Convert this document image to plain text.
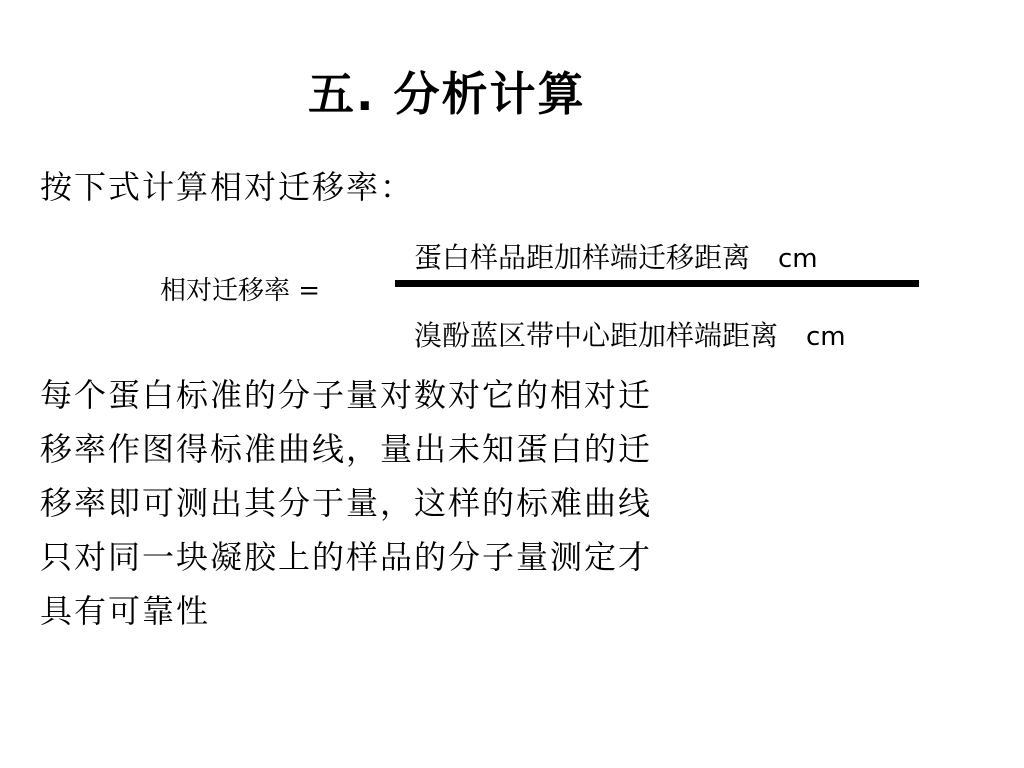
五. 分析计算
按下式计算相对迁移率：
相对迁移率 =
蛋白样品距加样端迁移距离 cm
溴酚蓝区带中心距加样端距离 cm
每个蛋白标准的分子量对数对它的相对迁
移率作图得标准曲线，量出未知蛋白的迁
移率即可测出其分于量，这样的标难曲线
只对同一块凝胶上的样品的分子量测定才
具有可靠性
